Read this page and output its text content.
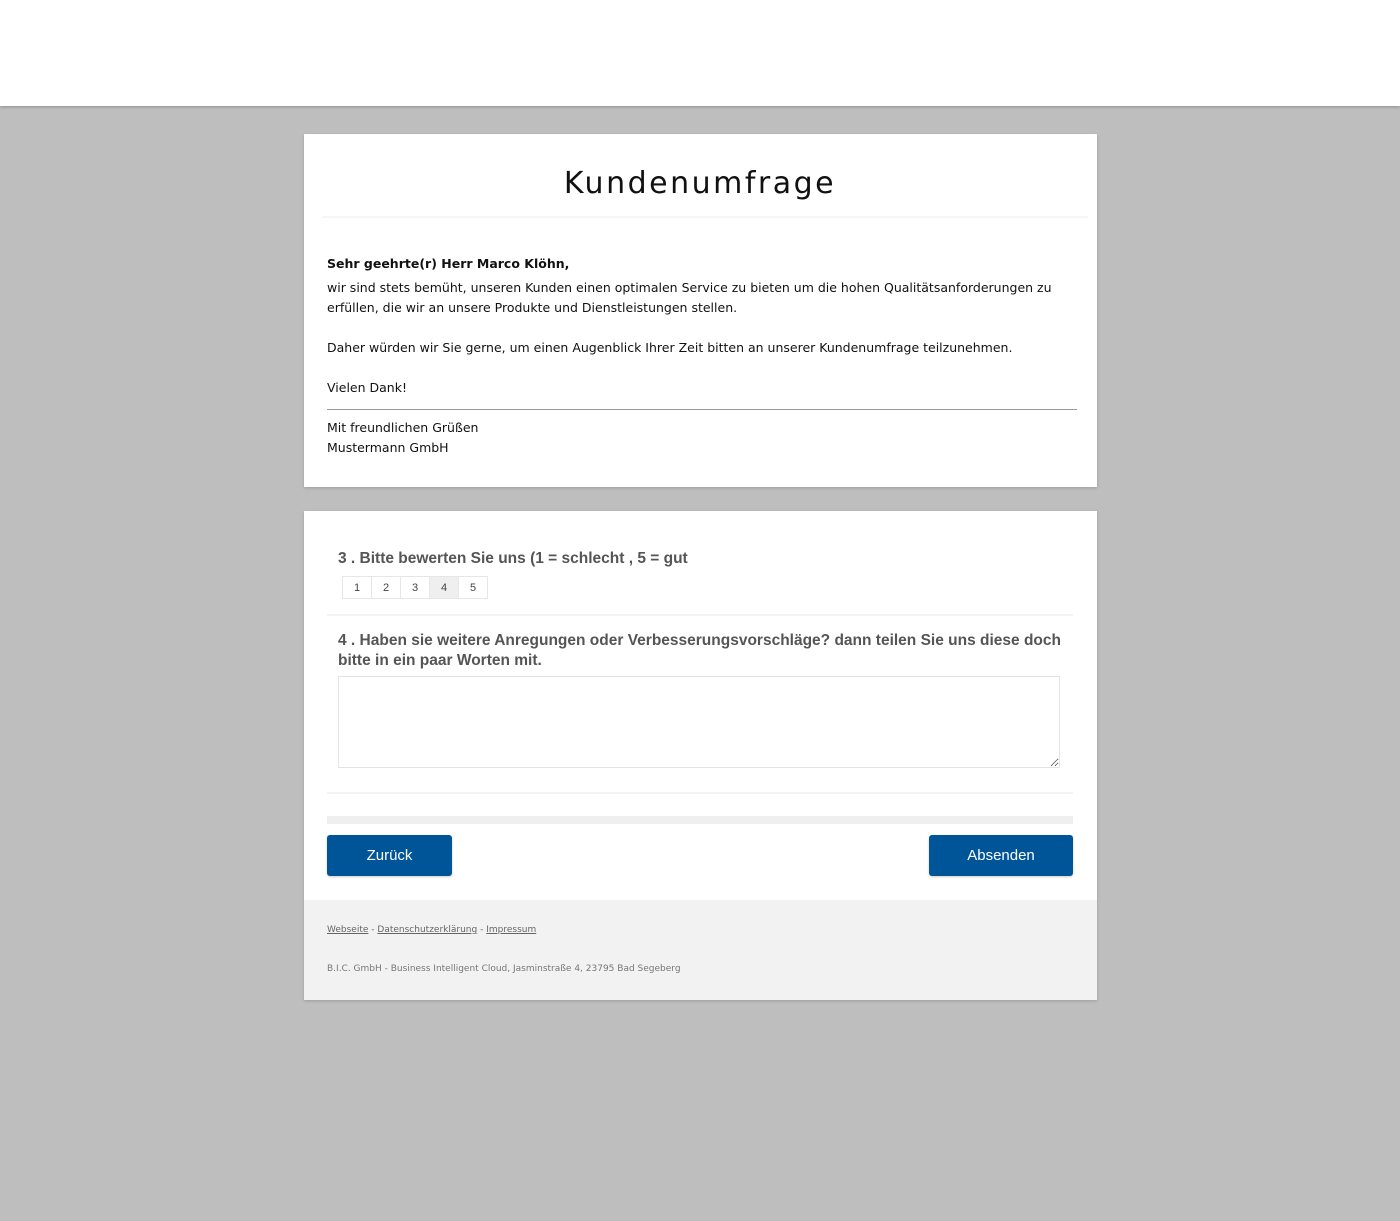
Kundenumfrage

Sehr geehrte(r) Herr Marco Klöhn,

wir sind stets bemüht, unseren Kunden einen optimalen Service zu bieten um die hohen Qualitätsanforderungen zu erfüllen, die wir an unsere Produkte und Dienstleistungen stellen.

Daher würden wir Sie gerne, um einen Augenblick Ihrer Zeit bitten an unserer Kundenumfrage teilzunehmen.

Vielen Dank!

Mit freundlichen Grüßen

Mustermann GmbH

3 . Bitte bewerten Sie uns (1 = schlecht , 5 = gut
1	2	3	4	5
4 . Haben sie weitere Anregungen oder Verbesserungsvorschläge? dann teilen Sie uns diese doch bitte in ein paar Worten mit.
Zurück	Absenden
Webseite - Datenschutzerklärung - Impressum
B.I.C. GmbH - Business Intelligent Cloud, Jasminstraße 4, 23795 Bad Segeberg
